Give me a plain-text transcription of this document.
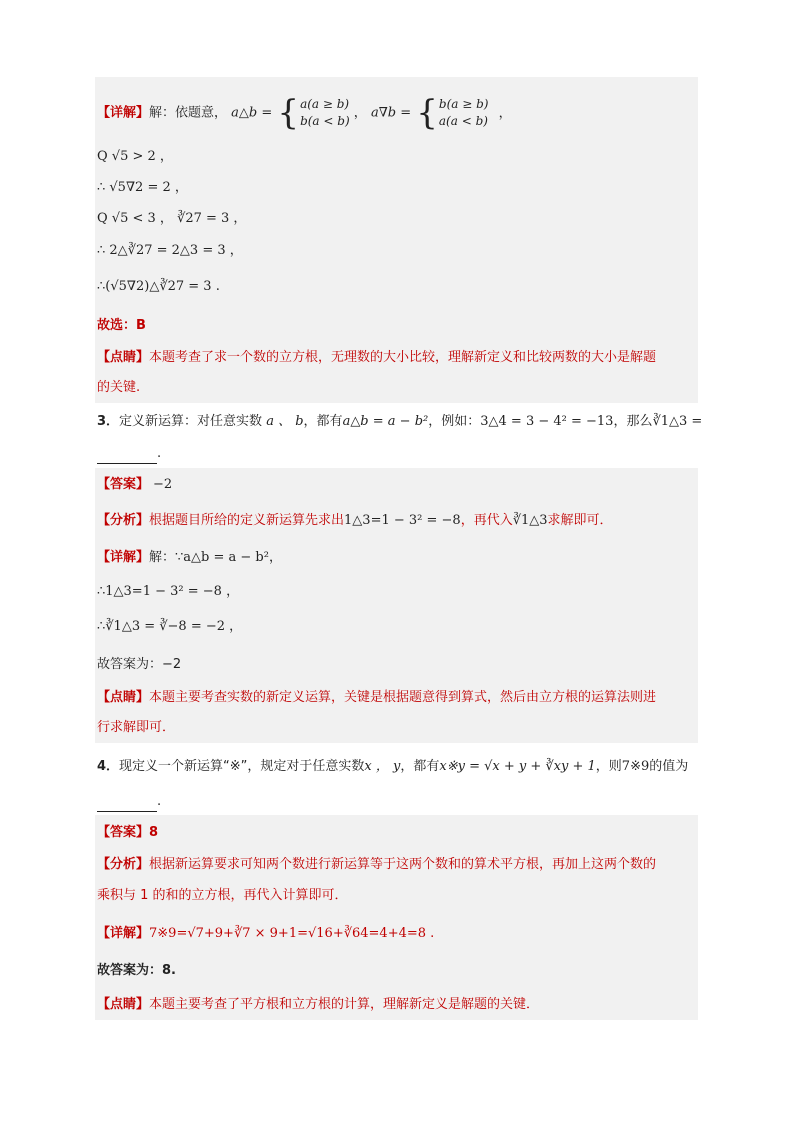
【详解】解：依题意， a△b = { a(a ≥ b)
b(a < b)
， a∇b = { b(a ≥ b)
a(a < b)
，
Q √5 > 2 ，
∴ √5∇2 = 2 ，
Q √5 < 3 ， ∛27 = 3 ，
∴ 2△∛27 = 2△3 = 3 ，
∴(√5∇2)△∛27 = 3 .
故选：B
【点睛】本题考查了求一个数的立方根，无理数的大小比较，理解新定义和比较两数的大小是解题
的关键.
3．定义新运算：对任意实数 a 、 b，都有a△b = a − b²，例如：3△4 = 3 − 4² = −13，那么∛1△3 =
.
【答案】 −2
【分析】根据题目所给的定义新运算先求出1△3=1 − 3² = −8，再代入∛1△3求解即可．
【详解】解：∵a△b = a − b²，
∴1△3=1 − 3² = −8 ，
∴∛1△3 = ∛−8 = −2 ，
故答案为：−2
【点睛】本题主要考查实数的新定义运算，关键是根据题意得到算式，然后由立方根的运算法则进
行求解即可．
4．现定义一个新运算“※”，规定对于任意实数x ， y，都有x※y = √x + y + ∛xy + 1，则7※9的值为
.
【答案】8
【分析】根据新运算要求可知两个数进行新运算等于这两个数和的算术平方根，再加上这两个数的
乘积与 1 的和的立方根，再代入计算即可．
【详解】7※9=√7+9+∛7 × 9+1=√16+∛64=4+4=8 .
故答案为：8.
【点睛】本题主要考查了平方根和立方根的计算，理解新定义是解题的关键．
